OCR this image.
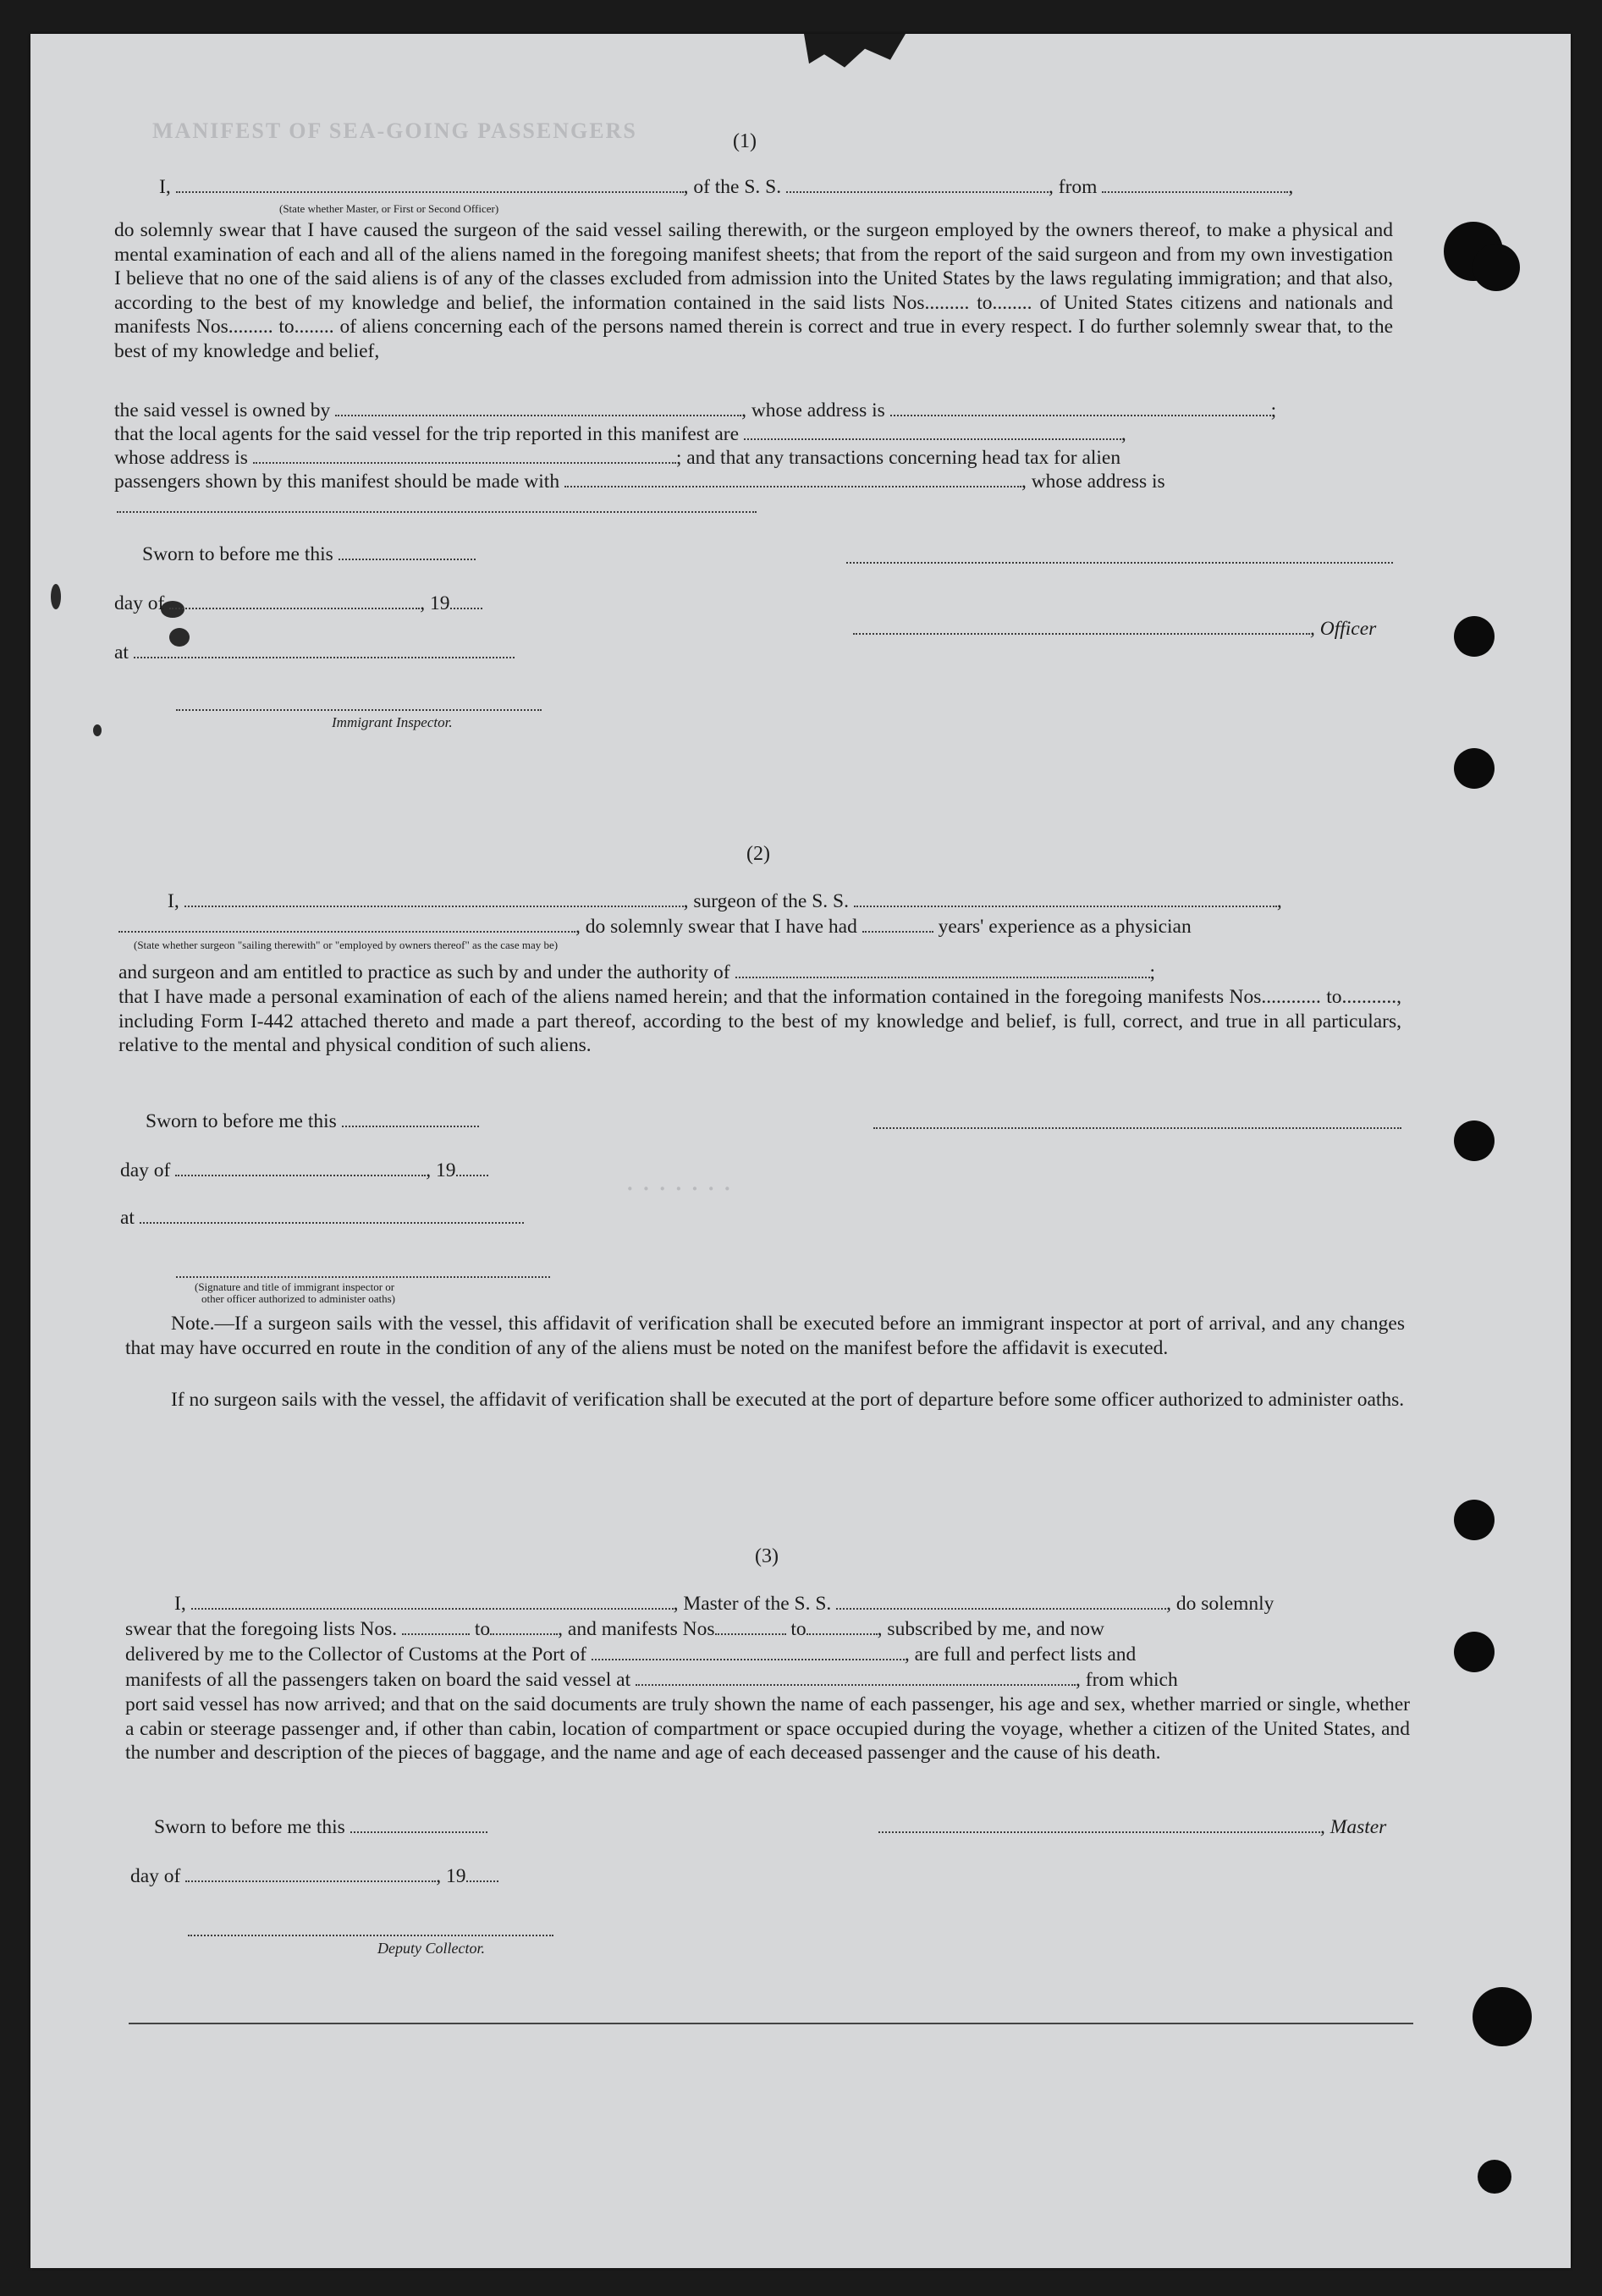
MANIFEST OF SEA-GOING PASSENGERS
· · · · · · ·
(1)
I,	, of the S. S.	, from	,
(State whether Master, or First or Second Officer)
do solemnly swear that I have caused the surgeon of the said vessel sailing therewith, or the surgeon employed by the owners thereof, to make a physical and mental examination of each and all of the aliens named in the foregoing manifest sheets; that from the report of the said surgeon and from my own investigation I believe that no one of the said aliens is of any of the classes excluded from admission into the United States by the laws regulating immigration; and that also, according to the best of my knowledge and belief, the information contained in the said lists Nos......... to........ of United States citizens and nationals and manifests Nos......... to........ of aliens concerning each of the persons named therein is correct and true in every respect. I do further solemnly swear that, to the best of my knowledge and belief,
the said vessel is owned by	, whose address is	;
that the local agents for the said vessel for the trip reported in this manifest are	,
whose address is	; and that any transactions concerning head tax for alien
passengers shown by this manifest should be made with	, whose address is
Sworn to before me this
day of	, 19
, Officer
at
Immigrant Inspector.
(2)
I,	, surgeon of the S. S.	,
, do solemnly swear that I have had	years' experience as a physician
(State whether surgeon "sailing therewith" or "employed by owners thereof" as the case may be)
and surgeon and am entitled to practice as such by and under the authority of	;
that I have made a personal examination of each of the aliens named herein; and that the information contained in the foregoing manifests Nos............ to..........., including Form I-442 attached thereto and made a part thereof, according to the best of my knowledge and belief, is full, correct, and true in all particulars, relative to the mental and physical condition of such aliens.
Sworn to before me this
day of	, 19
at
(Signature and title of immigrant inspector or
other officer authorized to administer oaths)
Note.—If a surgeon sails with the vessel, this affidavit of verification shall be executed before an immigrant inspector at port of arrival, and any changes that may have occurred en route in the condition of any of the aliens must be noted on the manifest before the affidavit is executed.
If no surgeon sails with the vessel, the affidavit of verification shall be executed at the port of departure before some officer authorized to administer oaths.
(3)
I,	, Master of the S. S.	, do solemnly
swear that the foregoing lists Nos.	to	, and manifests Nos	to	, subscribed by me, and now
delivered by me to the Collector of Customs at the Port of	, are full and perfect lists and
manifests of all the passengers taken on board the said vessel at	, from which
port said vessel has now arrived; and that on the said documents are truly shown the name of each passenger, his age and sex, whether married or single, whether a cabin or steerage passenger and, if other than cabin, location of compartment or space occupied during the voyage, whether a citizen of the United States, and the number and description of the pieces of baggage, and the name and age of each deceased passenger and the cause of his death.
Sworn to before me this	, Master
day of	, 19
Deputy Collector.
